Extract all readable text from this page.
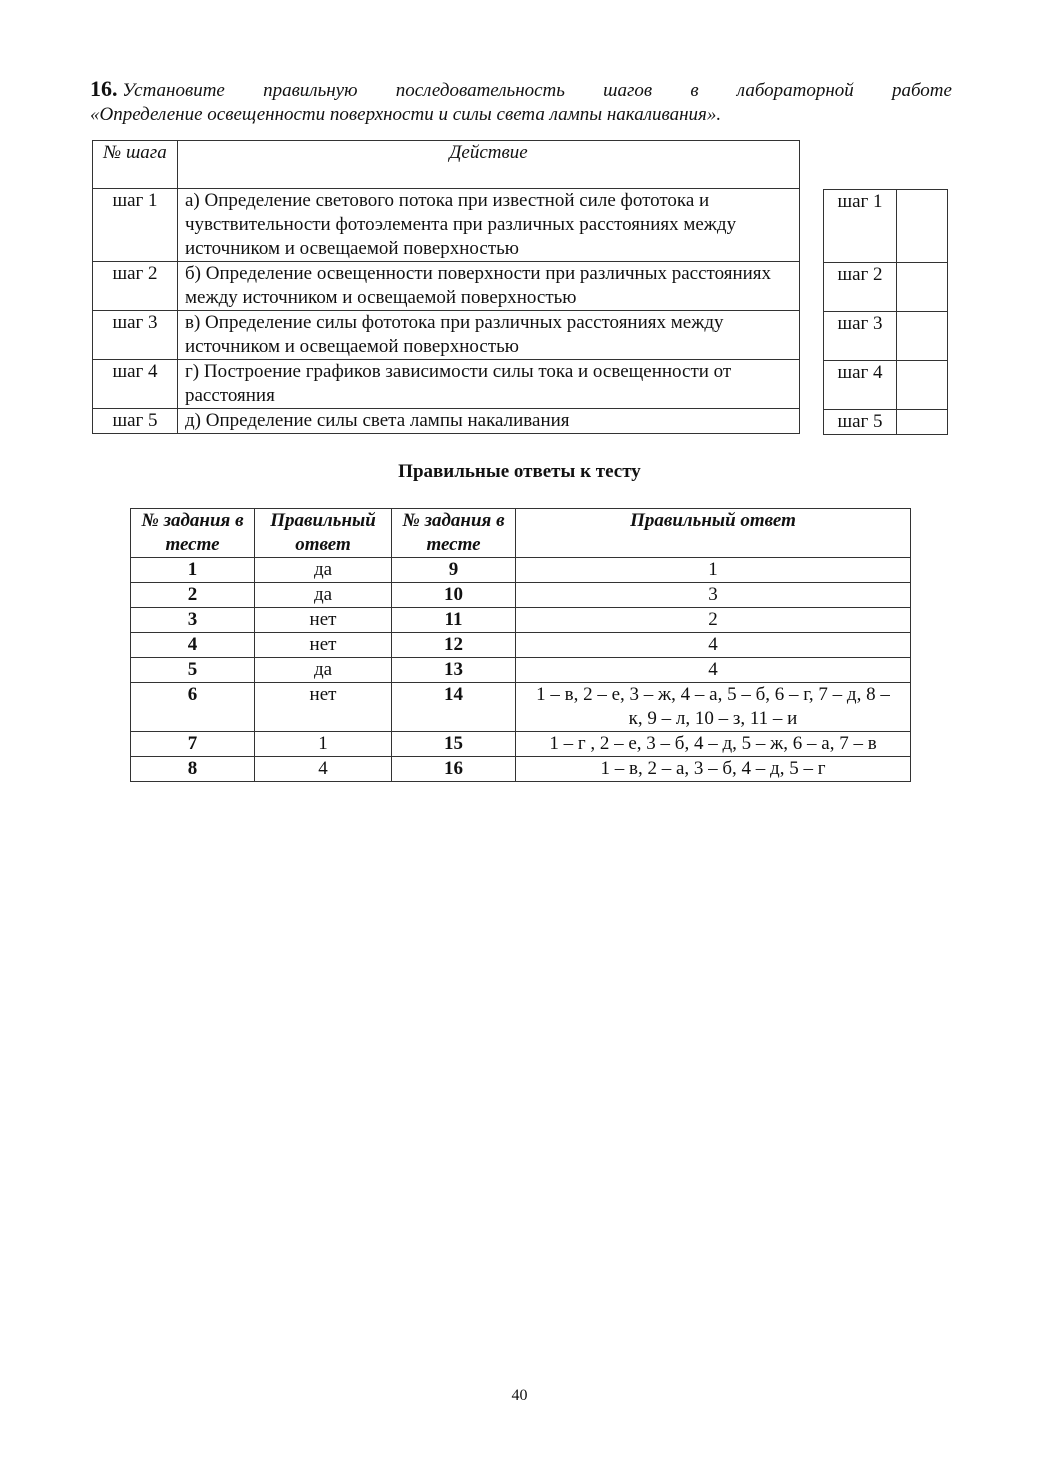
16. Установите правильную последовательность шагов в лабораторной работе
«Определение освещенности поверхности и силы света лампы накаливания».
№ шага	Действие
шаг 1	а) Определение светового потока при известной силе фототока и чувствительности фотоэлемента при различных расстояниях между источником и освещаемой поверхностью
шаг 2	б) Определение освещенности поверхности при различных расстояниях между источником и освещаемой поверхностью
шаг 3	в) Определение силы фототока при различных расстояниях между источником и освещаемой поверхностью
шаг 4	г) Построение графиков зависимости силы тока и освещенности от расстояния
шаг 5	д) Определение силы света лампы накаливания
шаг 1	
шаг 2	
шаг 3	
шаг 4	
шаг 5	
Правильные ответы к тесту
№ задания в тесте	Правильный ответ	№ задания в тесте	Правильный ответ
1	да	9	1
2	да	10	3
3	нет	11	2
4	нет	12	4
5	да	13	4
6	нет	14	1 – в, 2 – е, 3 – ж, 4 – а, 5 – б, 6 – г, 7 – д, 8 – к, 9 – л, 10 – з, 11 – и
7	1	15	1 – г , 2 – е, 3 – б, 4 – д, 5 – ж, 6 – а, 7 – в
8	4	16	1 – в, 2 – а, 3 – б, 4 – д, 5 – г
40
